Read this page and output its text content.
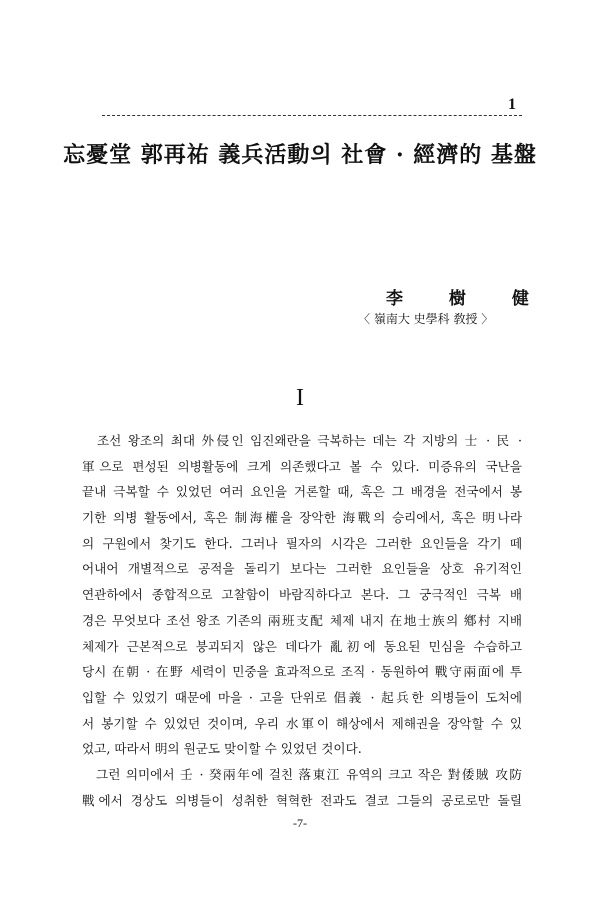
1
忘憂堂 郭再祐 義兵活動의 社會 · 經濟的 基盤
李 樹 健
〈 嶺南大 史學科 敎授 〉
I
　조선 왕조의 최대 外侵인 임진왜란을 극복하는 데는 각 지방의 士 · 民 ·
軍으로 편성된 의병활동에 크게 의존했다고 볼 수 있다. 미증유의 국난을
끝내 극복할 수 있었던 여러 요인을 거론할 때, 혹은 그 배경을 전국에서 봉
기한 의병 활동에서, 혹은 制海權을 장악한 海戰의 승리에서, 혹은 明나라
의 구원에서 찾기도 한다. 그러나 필자의 시각은 그러한 요인들을 각기 떼
어내어 개별적으로 공적을 돌리기 보다는 그러한 요인들을 상호 유기적인
연관하에서 종합적으로 고찰함이 바람직하다고 본다. 그 궁극적인 극복 배
경은 무엇보다 조선 왕조 기존의 兩班支配 체제 내지 在地士族의 鄕村 지배
체제가 근본적으로 붕괴되지 않은 데다가 亂初에 동요된 민심을 수습하고
당시 在朝 · 在野 세력이 민중을 효과적으로 조직 · 동원하여 戰守兩面에 투
입할 수 있었기 때문에 마을 · 고을 단위로 倡義 · 起兵한 의병들이 도처에
서 봉기할 수 있었던 것이며, 우리 水軍이 해상에서 제해권을 장악할 수 있
었고, 따라서 明의 원군도 맞이할 수 있었던 것이다.
　그런 의미에서 壬 · 癸兩年에 걸친 落東江 유역의 크고 작은 對倭賊 攻防
戰에서 경상도 의병들이 성취한 혁혁한 전과도 결코 그들의 공로로만 돌릴
-7-
